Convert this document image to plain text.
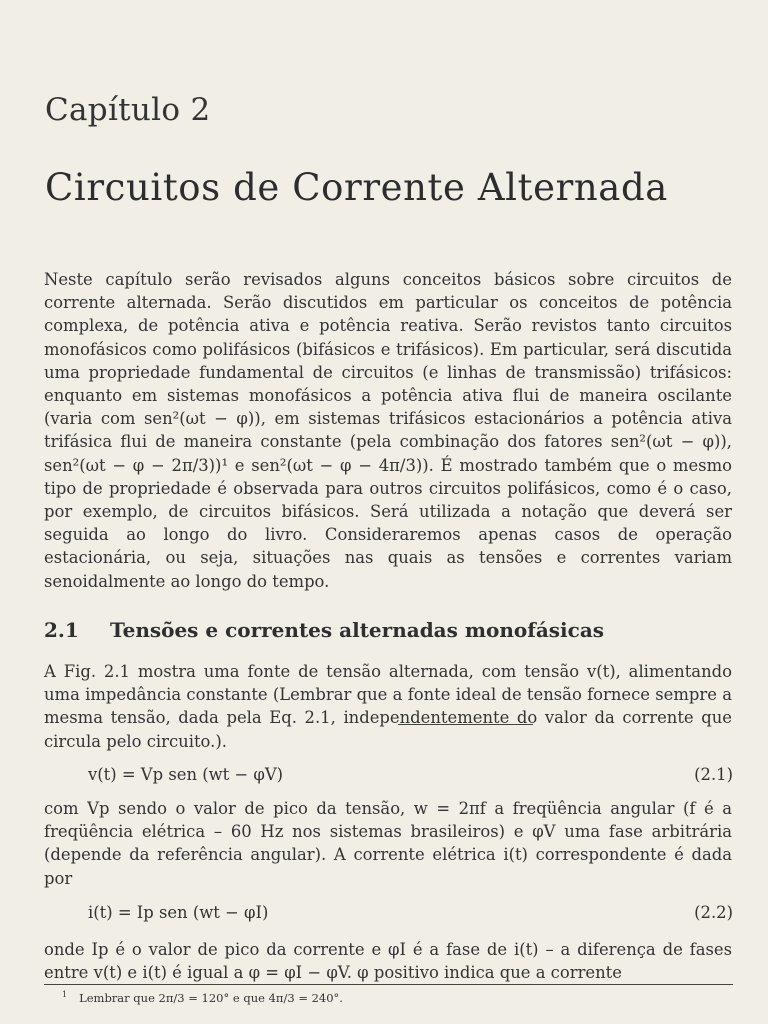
Capítulo 2
Circuitos de Corrente Alternada
Neste capítulo serão revisados alguns conceitos básicos sobre circuitos de corrente alternada. Serão discutidos em particular os conceitos de potência complexa, de potência ativa e potência reativa. Serão revistos tanto circuitos monofásicos como polifásicos (bifásicos e trifásicos). Em particular, será discutida uma propriedade fundamental de circuitos (e linhas de transmissão) trifásicos: enquanto em sistemas monofásicos a potência ativa flui de maneira oscilante (varia com sen²(ωt − φ)), em sistemas trifásicos estacionários a potência ativa trifásica flui de maneira constante (pela combinação dos fatores sen²(ωt − φ)), sen²(ωt − φ − 2π/3))¹ e sen²(ωt − φ − 4π/3)). É mostrado também que o mesmo tipo de propriedade é observada para outros circuitos polifásicos, como é o caso, por exemplo, de circuitos bifásicos. Será utilizada a notação que deverá ser seguida ao longo do livro. Consideraremos apenas casos de operação estacionária, ou seja, situações nas quais as tensões e correntes variam senoidalmente ao longo do tempo.
2.1 Tensões e correntes alternadas monofásicas
A Fig. 2.1 mostra uma fonte de tensão alternada, com tensão v(t), alimentando uma impedância constante (Lembrar que a fonte ideal de tensão fornece sempre a mesma tensão, dada pela Eq. 2.1, independentemente do valor da corrente que circula pelo circuito.).
v(t) = Vp sen (wt − φV)	(2.1)
com Vp sendo o valor de pico da tensão, w = 2πf a freqüência angular (f é a freqüência elétrica – 60 Hz nos sistemas brasileiros) e φV uma fase arbitrária (depende da referência angular). A corrente elétrica i(t) correspondente é dada por
i(t) = Ip sen (wt − φI)	(2.2)
onde Ip é o valor de pico da corrente e φI é a fase de i(t) – a diferença de fases entre v(t) e i(t) é igual a φ = φI − φV. φ positivo indica que a corrente
$^1$ Lembrar que 2π/3 = 120° e que 4π/3 = 240°.
